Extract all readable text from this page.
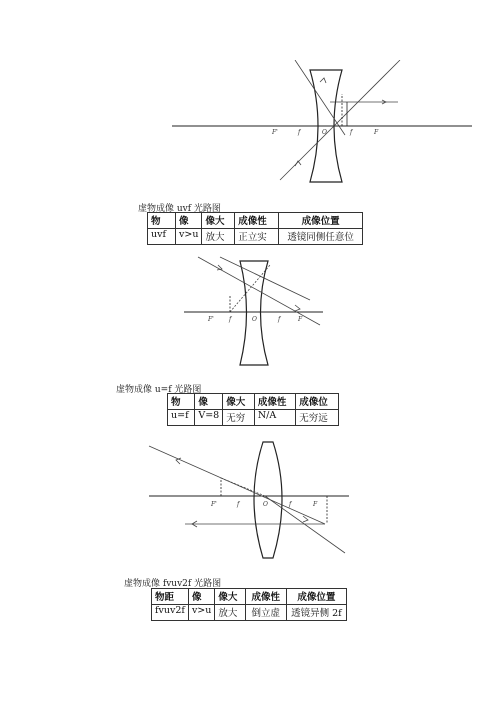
F'	f	O	f	F
虚物成像 uvf 光路图
物	像	像大	成像性	成像位置
uvf	v>u	放大	正立实	透镜同侧任意位
F'	f	O	f	F
虚物成像 u=f 光路图
物	像	像大	成像性	成像位
u=f	V=8	无穷	N/A	无穷远
F'	f	O	f	F
虚物成像 fvuv2f 光路图
物距	像	像大	成像性	成像位置
fvuv2f	v>u	放大	倒立虚	透镜异侧 2f
